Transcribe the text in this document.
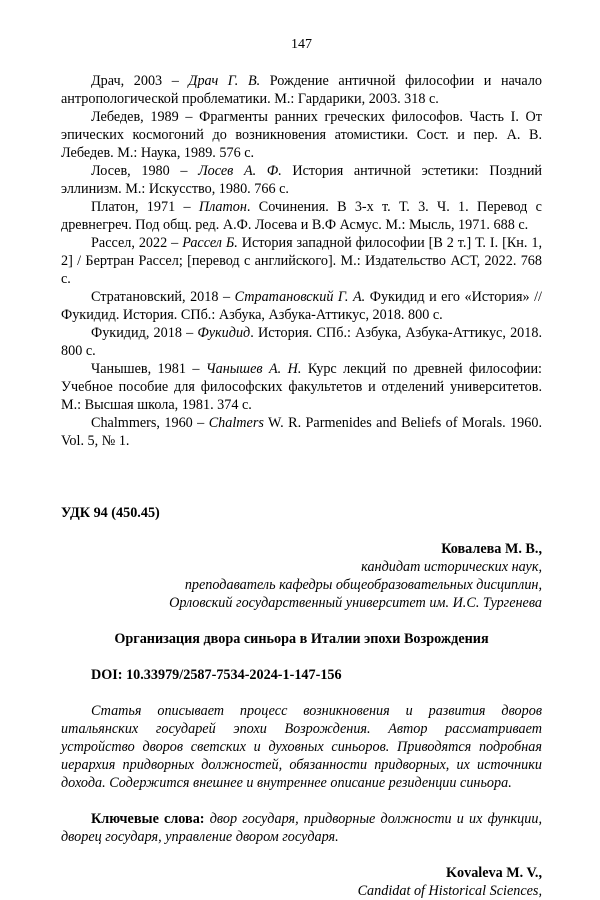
147

Драч, 2003 – Драч Г. В. Рождение античной философии и начало антропологической проблематики. М.: Гардарики, 2003. 318 с.

Лебедев, 1989 – Фрагменты ранних греческих философов. Часть I. От эпических космогоний до возникновения атомистики. Сост. и пер. А. В. Лебедев. М.: Наука, 1989. 576 с.

Лосев, 1980 – Лосев А. Ф. История античной эстетики: Поздний эллинизм. М.: Искусство, 1980. 766 с.

Платон, 1971 – Платон. Сочинения. В 3-х т. Т. 3. Ч. 1. Перевод с древнегреч. Под общ. ред. А.Ф. Лосева и В.Ф Асмус. М.: Мысль, 1971. 688 с.

Рассел, 2022 – Рассел Б. История западной философии [В 2 т.] Т. I. [Кн. 1, 2] / Бертран Рассел; [перевод с английского]. М.: Издательство АСТ, 2022. 768 с.

Стратановский, 2018 – Стратановский Г. А. Фукидид и его «История» // Фукидид. История. СПб.: Азбука, Азбука-Аттикус, 2018. 800 с.

Фукидид, 2018 – Фукидид. История. СПб.: Азбука, Азбука-Аттикус, 2018. 800 с.

Чанышев, 1981 – Чанышев А. Н. Курс лекций по древней философии: Учебное пособие для философских факультетов и отделений университетов. М.: Высшая школа, 1981. 374 с.

Chalmmers, 1960 – Chalmers W. R. Parmenides and Beliefs of Morals. 1960. Vol. 5, № 1.

УДК 94 (450.45)
Ковалева М. В.,
кандидат исторических наук,
преподаватель кафедры общеобразовательных дисциплин,
Орловский государственный университет им. И.С. Тургенева
Организация двора синьора в Италии эпохи Возрождения
DOI: 10.33979/2587-7534-2024-1-147-156
Статья описывает процесс возникновения и развития дворов итальянских государей эпохи Возрождения. Автор рассматривает устройство дворов светских и духовных синьоров. Приводятся подробная иерархия придворных должностей, обязанности придворных, их источники дохода. Содержится внешнее и внутреннее описание резиденции синьора.
Ключевые слова: двор государя, придворные должности и их функции, дворец государя, управление двором государя.
Kovaleva M. V.,
Candidat of Historical Sciences,
